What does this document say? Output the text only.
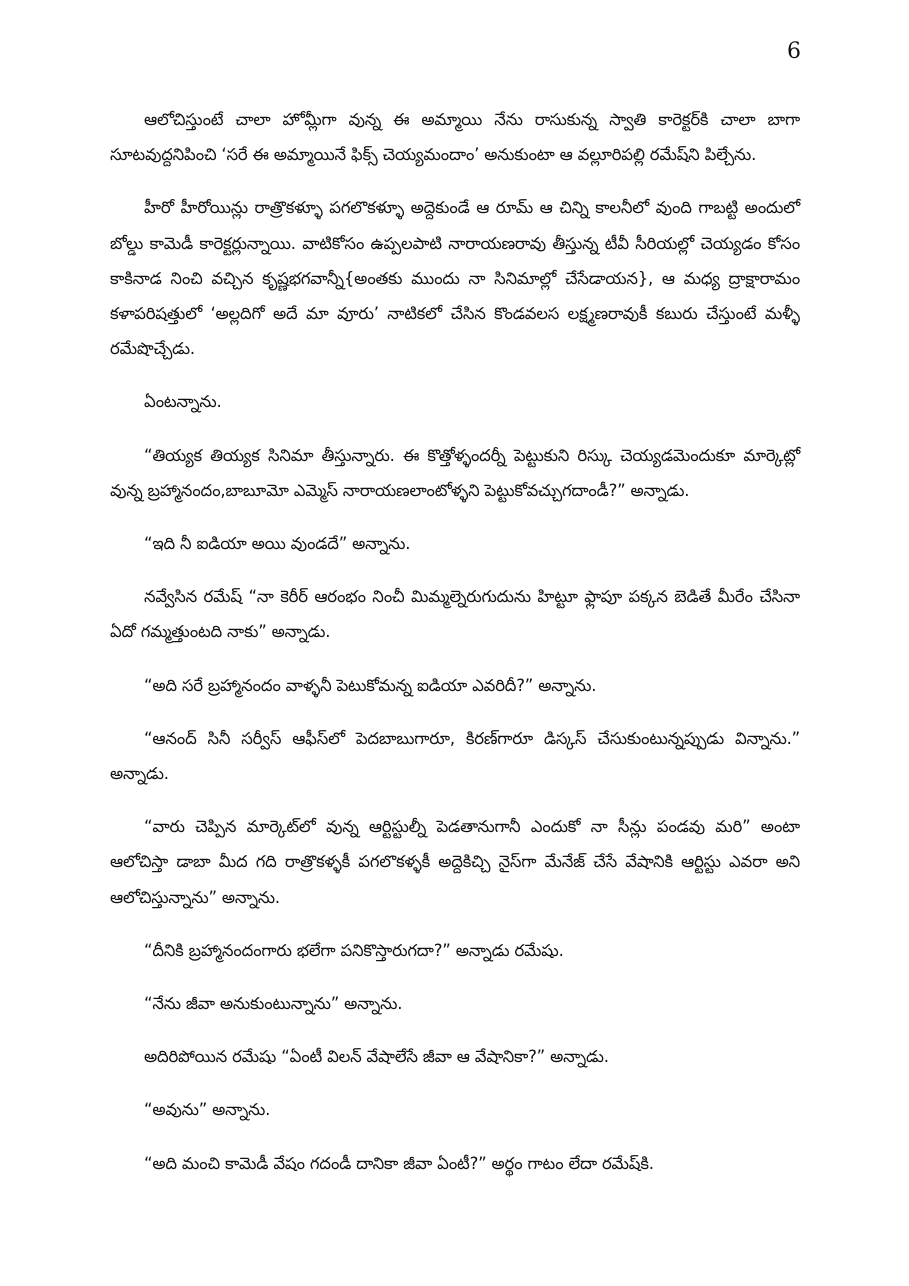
6

ఆలోచిస్తుంటే చాలా హోమ్లీగా వున్న ఈ అమ్మాయి నేను రాసుకున్న స్వాతి కారెక్టర్‌కి చాలా బాగా సూటవుద్దనిపించి ‘సరే ఈ అమ్మాయినే ఫిక్స్ చెయ్యమందాం’ అనుకుంటా ఆ వల్లూరిపల్లి రమేష్‌ని పిల్చేను.

హీరో హీరోయిన్లు రాత్రొకళ్ళూ పగలొకళ్ళూ అద్దెకుండే ఆ రూమ్ ఆ చిన్ని కాలనీలో వుంది గాబట్టి అందులో బోల్డు కామెడీ కారెక్టర్లున్నాయి. వాటికోసం ఉప్పలపాటి నారాయణరావు తీస్తున్న టీవీ సీరియల్లో చెయ్యడం కోసం కాకినాడ నించి వచ్చిన కృష్ణభగవాన్నీ{అంతకు ముందు నా సినిమాల్లో చేసేడాయన}, ఆ మధ్య ద్రాక్షారామం కళాపరిషత్తులో ‘అల్లదిగో అదే మా వూరు’ నాటికలో చేసిన కొండవలస లక్ష్మణరావుకీ కబురు చేస్తుంటే మళ్ళీ రమేషొచ్చేడు.

ఏంటన్నాను.

“తియ్యక తియ్యక సినిమా తీస్తున్నారు. ఈ కొత్తోళ్ళందర్నీ పెట్టుకుని రిస్కు చెయ్యడమెందుకూ మార్కెట్లో వున్న బ్రహ్మానందం,బాబూమో ఎమ్మెస్ నారాయణలాంటోళ్ళని పెట్టుకోవచ్చుగదాండీ?” అన్నాడు.

“ఇది నీ ఐడియా అయి వుండదే” అన్నాను.

నవ్వేసిన రమేష్ “నా కెరీర్ ఆరంభం నించీ మిమ్మల్నెరుగుదును హిట్టూ ఫ్లాపూ పక్కన బెడితే మీరేం చేసినా ఏదో గమ్మత్తుంటది నాకు” అన్నాడు.

“అది సరే బ్రహ్మానందం వాళ్ళనీ పెటుకోమన్న ఐడియా ఎవరిదీ?” అన్నాను.

“ఆనంద్ సినీ సర్వీస్ ఆఫీస్‌లో పెదబాబుగారూ, కిరణ్‌గారూ డిస్కస్ చేసుకుంటున్నప్పుడు విన్నాను.” అన్నాడు.

“వారు చెప్పిన మార్కెట్‌లో వున్న ఆర్టిస్టుల్నీ పెడతానుగానీ ఎందుకో నా సీన్లు పండవు మరి” అంటా ఆలోచిస్తా డాబా మీద గది రాత్రొకళ్ళకీ పగలొకళ్ళకీ అద్దెకిచ్చి నైస్‌గా మేనేజ్ చేసే వేషానికి ఆర్టిస్టు ఎవరా అని ఆలోచిస్తున్నాను” అన్నాను.

“దీనికి బ్రహ్మానందంగారు భలేగా పనికొస్తారుగదా?” అన్నాడు రమేషు.

“నేను జీవా అనుకుంటున్నాను” అన్నాను.

అదిరిపోయిన రమేషు “ఏంటీ విలన్ వేషాలేసే జీవా ఆ వేషానికా?” అన్నాడు.

“అవును” అన్నాను.

“అది మంచి కామెడీ వేషం గదండీ దానికా జీవా ఏంటీ?” అర్థం గాటం లేదా రమేష్‌కి.
